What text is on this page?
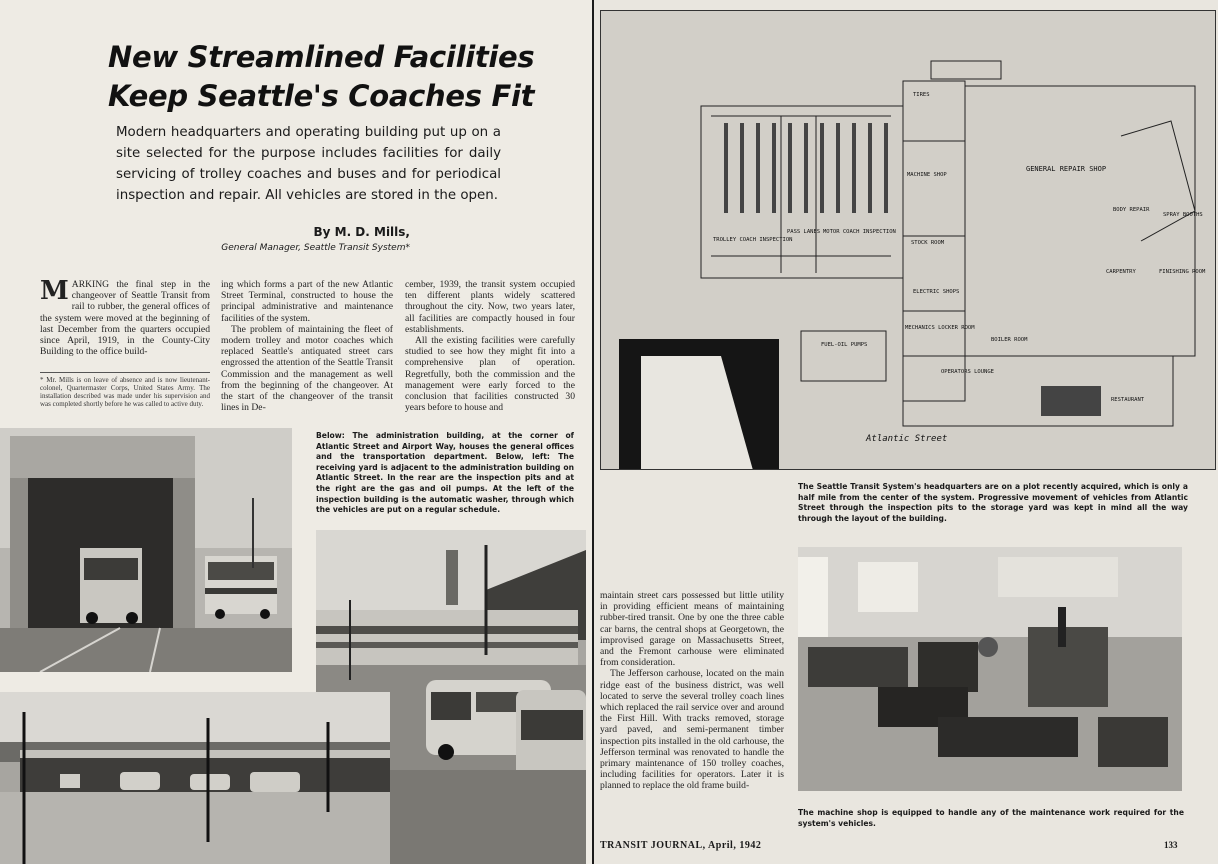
New Streamlined Facilities Keep Seattle's Coaches Fit

Modern headquarters and operating building put up on a site selected for the purpose includes facilities for daily servicing of trolley coaches and buses and for periodical inspection and repair. All vehicles are stored in the open.

By M. D. Mills,
General Manager, Seattle Transit System*

MARKING the final step in the changeover of Seattle Transit from rail to rubber, the general offices of the system were moved at the beginning of last December from the quarters occupied since April, 1919, in the County-City Building to the office build-

* Mr. Mills is on leave of absence and is now lieutenant-colonel, Quartermaster Corps, United States Army. The installation described was made under his supervision and was completed shortly before he was called to active duty.

ing which forms a part of the new Atlantic Street Terminal, constructed to house the principal administrative and maintenance facilities of the system.

The problem of maintaining the fleet of modern trolley and motor coaches which replaced Seattle's antiquated street cars engrossed the attention of the Seattle Transit Commission and the management as well from the beginning of the changeover. At the start of the changeover of the transit lines in De-

cember, 1939, the transit system occupied ten different plants widely scattered throughout the city. Now, two years later, all facilities are compactly housed in four establishments.

All the existing facilities were carefully studied to see how they might fit into a comprehensive plan of operation. Regretfully, both the commission and the management were early forced to the conclusion that facilities constructed 30 years before to house and

Below: The administration building, at the corner of Atlantic Street and Airport Way, houses the general offices and the transportation department. Below, left: The receiving yard is adjacent to the administration building on Atlantic Street. In the rear are the inspection pits and at the right are the gas and oil pumps. At the left of the inspection building is the automatic washer, through which the vehicles are put on a regular schedule.

TIRES
GENERAL REPAIR SHOP
MACHINE SHOP
TROLLEY COACH INSPECTION
PASS LANES MOTOR COACH INSPECTION
STOCK ROOM
ELECTRIC SHOPS
BODY REPAIR
SPRAY BOOTHS
CARPENTRY	FINISHING ROOM
BOILER ROOM
OPERATORS LOUNGE
FUEL-OIL PUMPS
RESTAURANT
MECHANICS LOCKER ROOM
Atlantic Street

The Seattle Transit System's headquarters are on a plot recently acquired, which is only a half mile from the center of the system. Progressive movement of vehicles from Atlantic Street through the inspection pits to the storage yard was kept in mind all the way through the layout of the building.

maintain street cars possessed but little utility in providing efficient means of maintaining rubber-tired transit. One by one the three cable car barns, the central shops at Georgetown, the improvised garage on Massachusetts Street, and the Fremont carhouse were eliminated from consideration.

The Jefferson carhouse, located on the main ridge east of the business district, was well located to serve the several trolley coach lines which replaced the rail service over and around the First Hill. With tracks removed, storage yard paved, and semi-permanent timber inspection pits installed in the old carhouse, the Jefferson terminal was renovated to handle the primary maintenance of 150 trolley coaches, including facilities for operators. Later it is planned to replace the old frame build-

The machine shop is equipped to handle any of the maintenance work required for the system's vehicles.

TRANSIT JOURNAL, April, 1942	133
